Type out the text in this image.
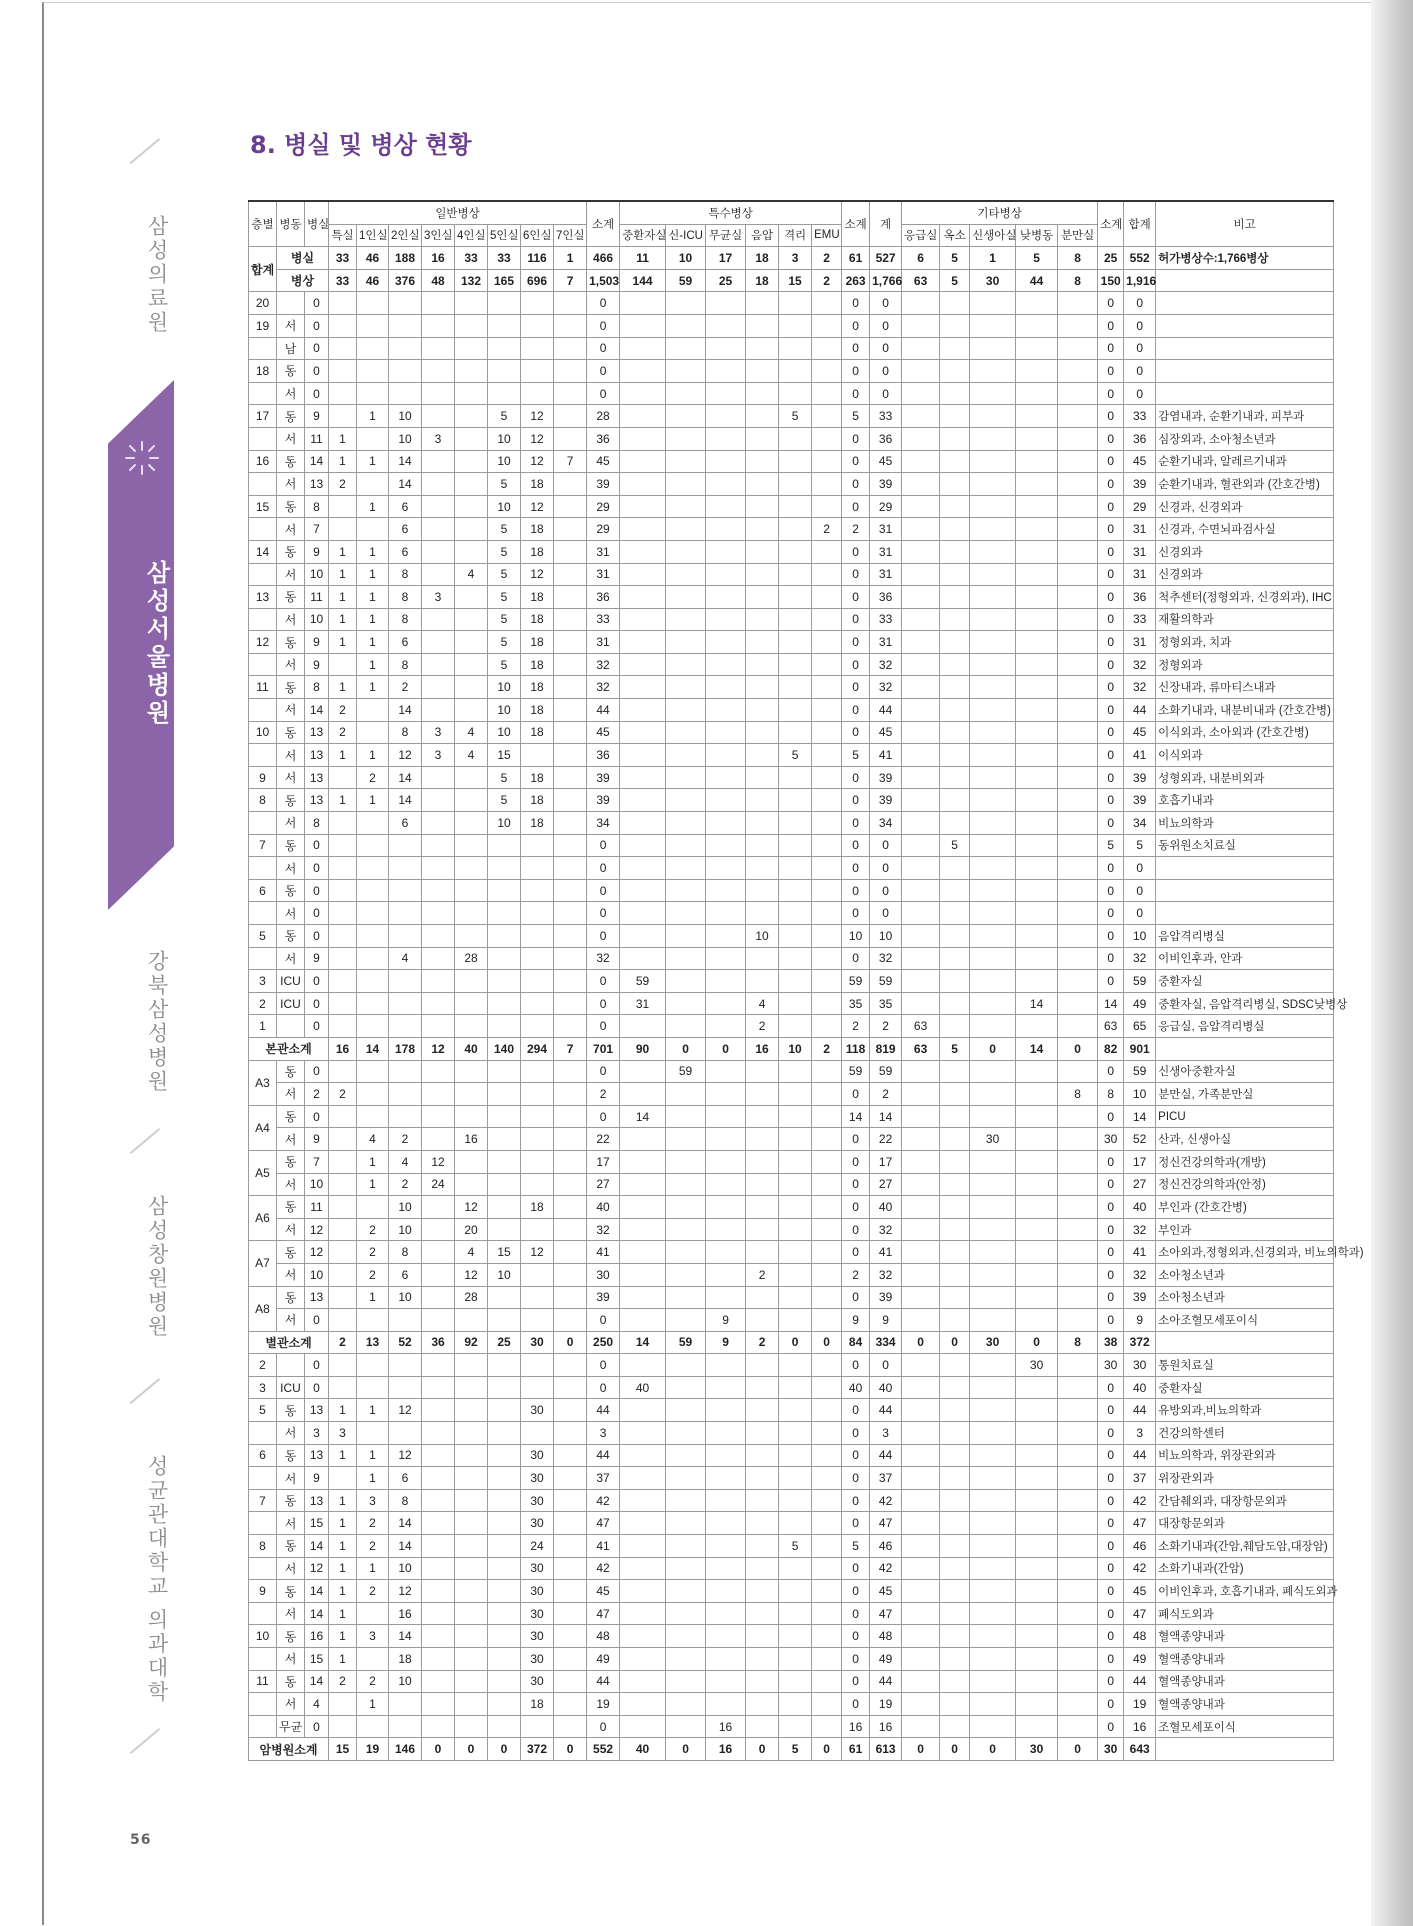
삼성의료원
삼성서울병원
강북삼성병원
삼성창원병원
성균관대학교 의과대학
56
8. 병실 및 병상 현황
층별	병동	병실	일반병상								소계	특수병상						소계	계	기타병상					소계	합계	비고
			특실	1인실	2인실	3인실	4인실	5인실	6인실	7인실		중환자실	신-ICU	무균실	음압	격리	EMU			응급실	옥소	신생아실	낮병동	분만실			
합계	병실		33	46	188	16	33	33	116	1	466	11	10	17	18	3	2	61	527	6	5	1	5	8	25	552	허가병상수:1,766병상
	병상		33	46	376	48	132	165	696	7	1,503	144	59	25	18	15	2	263	1,766	63	5	30	44	8	150	1,916	
20		0									0							0	0						0	0	
19	서	0									0							0	0						0	0	
	남	0									0							0	0						0	0	
18	동	0									0							0	0						0	0	
	서	0									0							0	0						0	0	
17	동	9		1	10			5	12		28					5		5	33						0	33	감염내과, 순환기내과, 피부과
	서	11	1		10	3		10	12		36							0	36						0	36	심장외과, 소아청소년과
16	동	14	1	1	14			10	12	7	45							0	45						0	45	순환기내과, 알레르기내과
	서	13	2		14			5	18		39							0	39						0	39	순환기내과, 혈관외과 (간호간병)
15	동	8		1	6			10	12		29							0	29						0	29	신경과, 신경외과
	서	7			6			5	18		29						2	2	31						0	31	신경과, 수면뇌파검사실
14	동	9	1	1	6			5	18		31							0	31						0	31	신경외과
	서	10	1	1	8		4	5	12		31							0	31						0	31	신경외과
13	동	11	1	1	8	3		5	18		36							0	36						0	36	척추센터(정형외과, 신경외과), IHC
	서	10	1	1	8			5	18		33							0	33						0	33	재활의학과
12	동	9	1	1	6			5	18		31							0	31						0	31	정형외과, 치과
	서	9		1	8			5	18		32							0	32						0	32	정형외과
11	동	8	1	1	2			10	18		32							0	32						0	32	신장내과, 류마티스내과
	서	14	2		14			10	18		44							0	44						0	44	소화기내과, 내분비내과 (간호간병)
10	동	13	2		8	3	4	10	18		45							0	45						0	45	이식외과, 소아외과 (간호간병)
	서	13	1	1	12	3	4	15			36					5		5	41						0	41	이식외과
9	서	13		2	14			5	18		39							0	39						0	39	성형외과, 내분비외과
8	동	13	1	1	14			5	18		39							0	39						0	39	호흡기내과
	서	8			6			10	18		34							0	34						0	34	비뇨의학과
7	동	0									0							0	0		5				5	5	동위원소치료실
	서	0									0							0	0						0	0	
6	동	0									0							0	0						0	0	
	서	0									0							0	0						0	0	
5	동	0									0				10			10	10						0	10	음압격리병실
	서	9			4		28				32							0	32						0	32	이비인후과, 안과
3	ICU	0									0	59						59	59						0	59	중환자실
2	ICU	0									0	31			4			35	35				14		14	49	중환자실, 음압격리병실, SDSC낮병상
1		0									0				2			2	2	63					63	65	응급실, 음압격리병실
본관소계			16	14	178	12	40	140	294	7	701	90	0	0	16	10	2	118	819	63	5	0	14	0	82	901	
A3	동	0									0		59					59	59						0	59	신생아중환자실
	서	2	2								2							0	2					8	8	10	분만실, 가족분만실
A4	동	0									0	14						14	14						0	14	PICU
	서	9		4	2		16				22							0	22			30			30	52	산과, 신생아실
A5	동	7		1	4	12					17							0	17						0	17	정신건강의학과(개방)
	서	10		1	2	24					27							0	27						0	27	정신건강의학과(안정)
A6	동	11			10		12		18		40							0	40						0	40	부인과 (간호간병)
	서	12		2	10		20				32							0	32						0	32	부인과
A7	동	12		2	8		4	15	12		41							0	41						0	41	소아외과,정형외과,신경외과, 비뇨의학과)
	서	10		2	6		12	10			30				2			2	32						0	32	소아청소년과
A8	동	13		1	10		28				39							0	39						0	39	소아청소년과
	서	0									0			9				9	9						0	9	소아조혈모세포이식
별관소계			2	13	52	36	92	25	30	0	250	14	59	9	2	0	0	84	334	0	0	30	0	8	38	372	
2		0									0							0	0				30		30	30	통원치료실
3	ICU	0									0	40						40	40						0	40	중환자실
5	동	13	1	1	12				30		44							0	44						0	44	유방외과,비뇨의학과
	서	3	3								3							0	3						0	3	건강의학센터
6	동	13	1	1	12				30		44							0	44						0	44	비뇨의학과, 위장관외과
	서	9		1	6				30		37							0	37						0	37	위장관외과
7	동	13	1	3	8				30		42							0	42						0	42	간담췌외과, 대장항문외과
	서	15	1	2	14				30		47							0	47						0	47	대장항문외과
8	동	14	1	2	14				24		41					5		5	46						0	46	소화기내과(간암,췌담도암,대장암)
	서	12	1	1	10				30		42							0	42						0	42	소화기내과(간암)
9	동	14	1	2	12				30		45							0	45						0	45	이비인후과, 호흡기내과, 폐식도외과
	서	14	1		16				30		47							0	47						0	47	폐식도외과
10	동	16	1	3	14				30		48							0	48						0	48	혈액종양내과
	서	15	1		18				30		49							0	49						0	49	혈액종양내과
11	동	14	2	2	10				30		44							0	44						0	44	혈액종양내과
	서	4		1					18		19							0	19						0	19	혈액종양내과
	무균	0									0			16				16	16						0	16	조혈모세포이식
암병원소계			15	19	146	0	0	0	372	0	552	40	0	16	0	5	0	61	613	0	0	0	30	0	30	643	
